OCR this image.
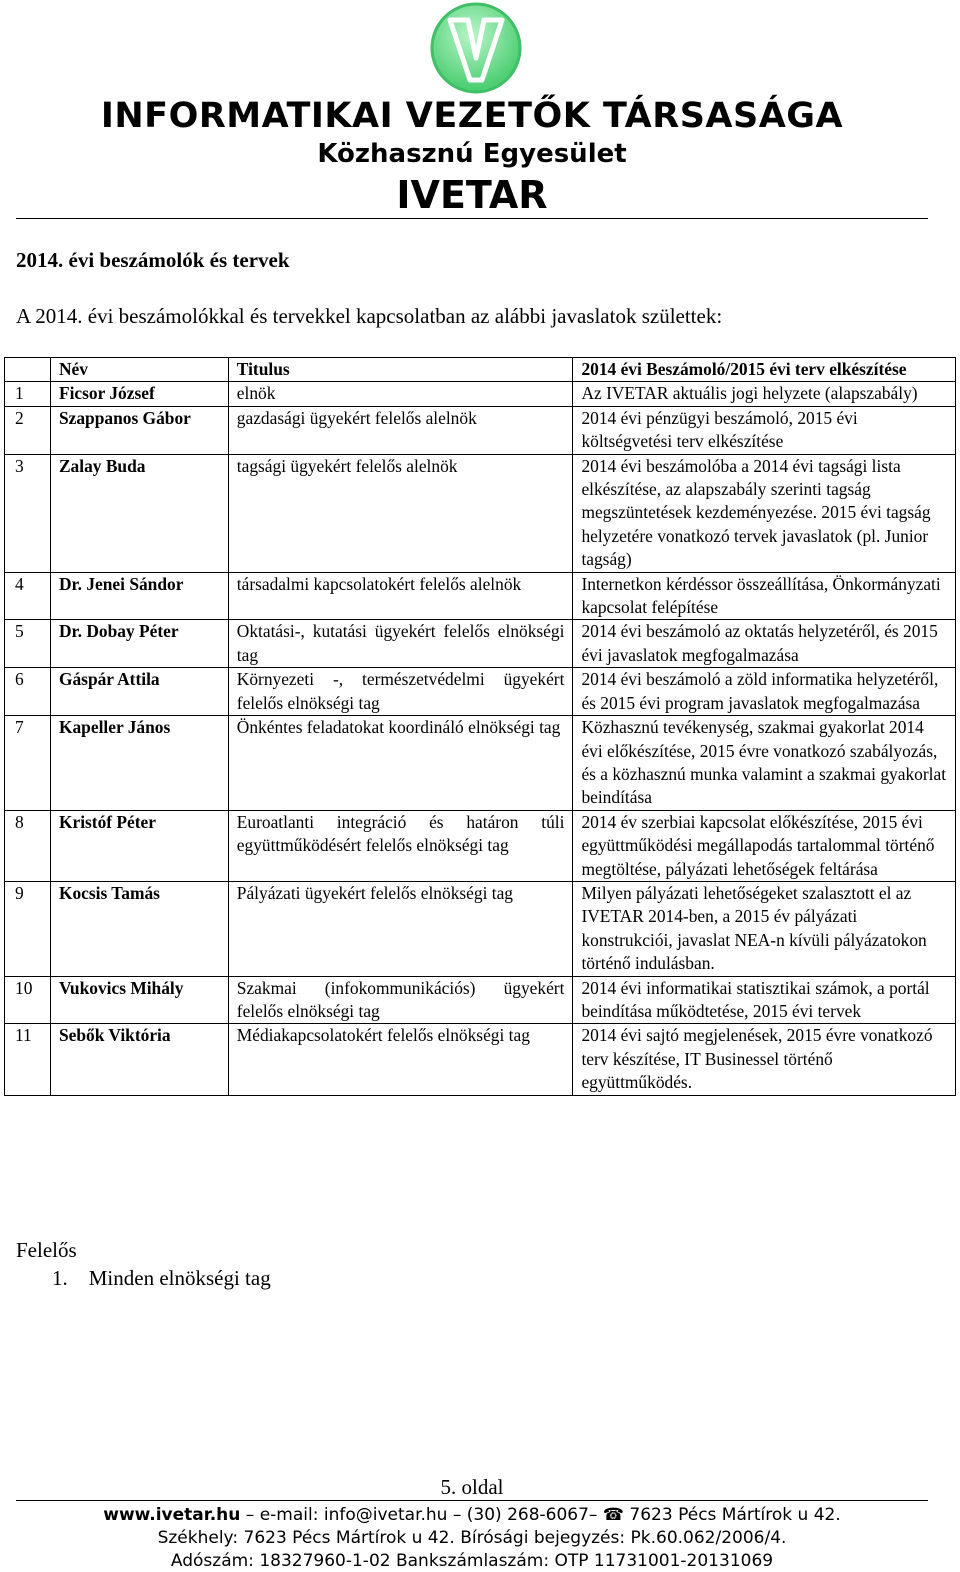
INFORMATIKAI VEZETŐK TÁRSASÁGA
Közhasznú Egyesület
IVETAR
2014. évi beszámolók és tervek
A 2014. évi beszámolókkal és tervekkel kapcsolatban az alábbi javaslatok születtek:
	Név	Titulus	2014 évi Beszámoló/2015 évi terv elkészítése
1	Ficsor József	elnök	Az IVETAR aktuális jogi helyzete (alapszabály)
2	Szappanos Gábor	gazdasági ügyekért felelős alelnök	2014 évi pénzügyi beszámoló, 2015 évi költségvetési terv elkészítése
3	Zalay Buda	tagsági ügyekért felelős alelnök	2014 évi beszámolóba a 2014 évi tagsági lista elkészítése, az alapszabály szerinti tagság megszüntetések kezdeményezése. 2015 évi tagság helyzetére vonatkozó tervek javaslatok (pl. Junior tagság)
4	Dr. Jenei Sándor	társadalmi kapcsolatokért felelős alelnök	Internetkon kérdéssor összeállítása, Önkormányzati kapcsolat felépítése
5	Dr. Dobay Péter	Oktatási-, kutatási ügyekért felelős elnökségi tag	2014 évi beszámoló az oktatás helyzetéről, és 2015 évi javaslatok megfogalmazása
6	Gáspár Attila	Környezeti -, természetvédelmi ügyekért felelős elnökségi tag	2014 évi beszámoló a zöld informatika helyzetéről, és 2015 évi program javaslatok megfogalmazása
7	Kapeller János	Önkéntes feladatokat koordináló elnökségi tag	Közhasznú tevékenység, szakmai gyakorlat 2014 évi előkészítése, 2015 évre vonatkozó szabályozás, és a közhasznú munka valamint a szakmai gyakorlat beindítása
8	Kristóf Péter	Euroatlanti integráció és határon túli együttműködésért felelős elnökségi tag	2014 év szerbiai kapcsolat előkészítése, 2015 évi együttműködési megállapodás tartalommal történő megtöltése, pályázati lehetőségek feltárása
9	Kocsis Tamás	Pályázati ügyekért felelős elnökségi tag	Milyen pályázati lehetőségeket szalasztott el az IVETAR 2014-ben, a 2015 év pályázati konstrukciói, javaslat NEA-n kívüli pályázatokon történő indulásban.
10	Vukovics Mihály	Szakmai (infokommunikációs) ügyekért felelős elnökségi tag	2014 évi informatikai statisztikai számok, a portál beindítása működtetése, 2015 évi tervek
11	Sebők Viktória	Médiakapcsolatokért felelős elnökségi tag	2014 évi sajtó megjelenések, 2015 évre vonatkozó terv készítése, IT Businessel történő együttműködés.
Felelős
1. Minden elnökségi tag
5. oldal
www.ivetar.hu – e-mail: info@ivetar.hu – (30) 268-6067– ☎ 7623 Pécs Mártírok u 42.
Székhely: 7623 Pécs Mártírok u 42. Bírósági bejegyzés: Pk.60.062/2006/4.
Adószám: 18327960-1-02 Bankszámlaszám: OTP 11731001-20131069
